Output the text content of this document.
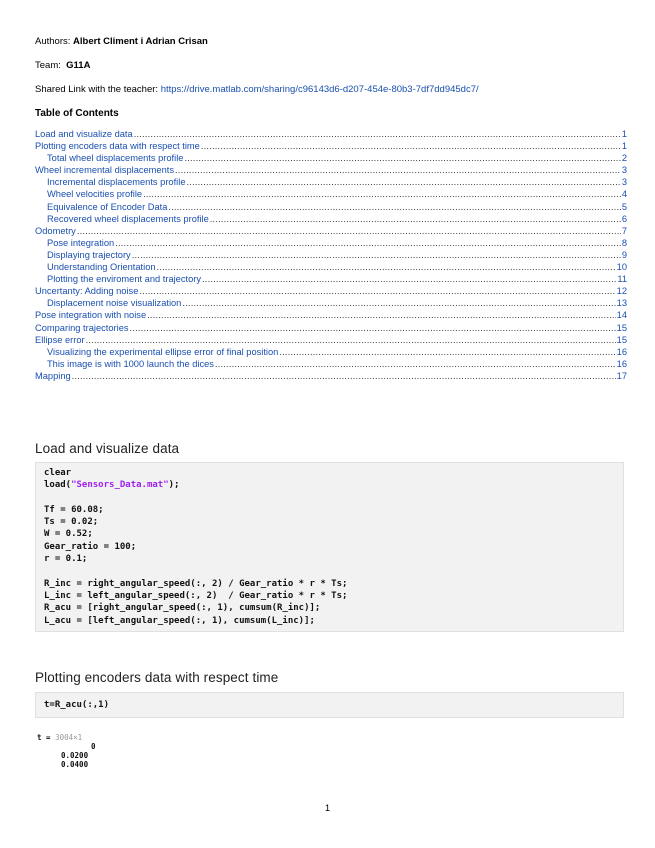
Authors: Albert Climent i Adrian Crisan
Team: G11A
Shared Link with the teacher: https://drive.matlab.com/sharing/c96143d6-d207-454e-80b3-7df7dd945dc7/
Table of Contents
Load and visualize data .....	1
Plotting encoders data with respect time .....	1
Total wheel displacements profile .....	2
Wheel incremental displacements .....	3
Incremental displacements profile .....	3
Wheel velocities profile .....	4
Equivalence of Encoder Data .....	5
Recovered wheel displacements profile .....	6
Odometry .....	7
Pose integration .....	8
Displaying trajectory .....	9
Understanding Orientation .....	10
Plotting the enviroment and trajectory .....	11
Uncertanty: Adding noise .....	12
Displacement noise visualization .....	13
Pose integration with noise .....	14
Comparing trajectories .....	15
Ellipse error .....	15
Visualizing the experimental ellipse error of final position .....	16
This image is with 1000 launch the dices .....	16
Mapping .....	17
Load and visualize data
clear
load("Sensors_Data.mat");

Tf = 60.08;
Ts = 0.02;
W = 0.52;
Gear_ratio = 100;
r = 0.1;

R_inc = right_angular_speed(:, 2) / Gear_ratio * r * Ts;
L_inc = left_angular_speed(:, 2)  / Gear_ratio * r * Ts;
R_acu = [right_angular_speed(:, 1), cumsum(R_inc)];
L_acu = [left_angular_speed(:, 1), cumsum(L_inc)];
Plotting encoders data with respect time
t=R_acu(:,1)
t = 3004×1
0
0.0200
0.0400
1
